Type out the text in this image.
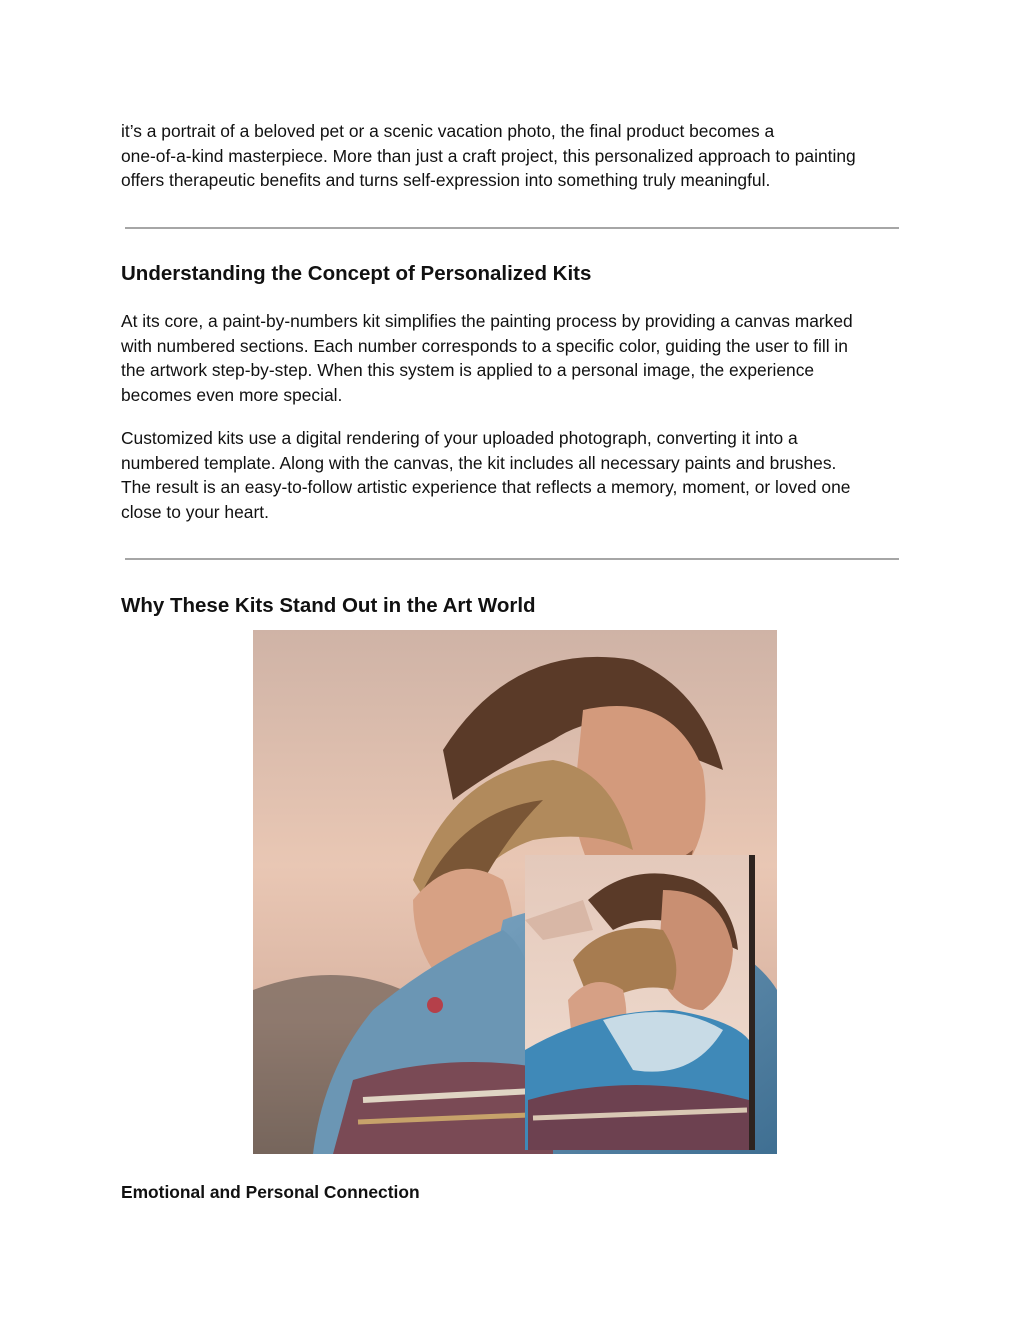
it’s a portrait of a beloved pet or a scenic vacation photo, the final product becomes a
one-of-a-kind masterpiece. More than just a craft project, this personalized approach to painting
offers therapeutic benefits and turns self-expression into something truly meaningful.

Understanding the Concept of Personalized Kits

At its core, a paint-by-numbers kit simplifies the painting process by providing a canvas marked
with numbered sections. Each number corresponds to a specific color, guiding the user to fill in
the artwork step-by-step. When this system is applied to a personal image, the experience
becomes even more special.

Customized kits use a digital rendering of your uploaded photograph, converting it into a
numbered template. Along with the canvas, the kit includes all necessary paints and brushes.
The result is an easy-to-follow artistic experience that reflects a memory, moment, or loved one
close to your heart.

Why These Kits Stand Out in the Art World
Emotional and Personal Connection
